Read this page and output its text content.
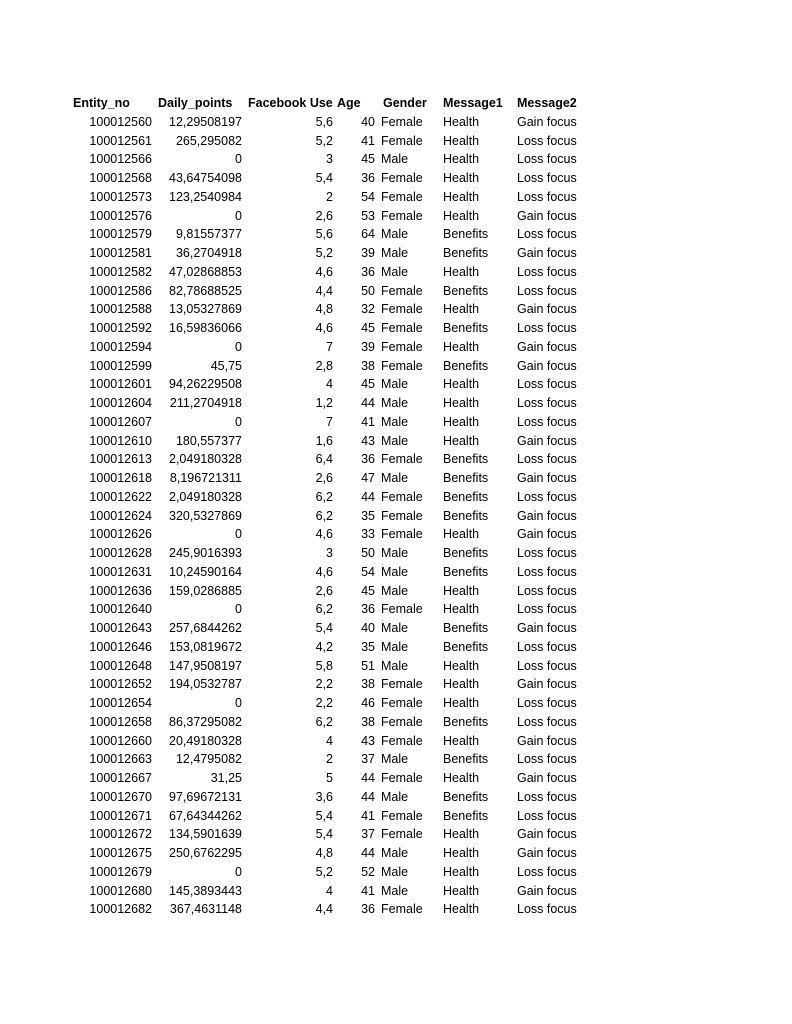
Entity_no	Daily_points	Facebook Use	Age	Gender	Message1	Message2
100012560	12,29508197	5,6	40	Female	Health	Gain focus
100012561	265,295082	5,2	41	Female	Health	Loss focus
100012566	0	3	45	Male	Health	Loss focus
100012568	43,64754098	5,4	36	Female	Health	Loss focus
100012573	123,2540984	2	54	Female	Health	Loss focus
100012576	0	2,6	53	Female	Health	Gain focus
100012579	9,81557377	5,6	64	Male	Benefits	Loss focus
100012581	36,2704918	5,2	39	Male	Benefits	Gain focus
100012582	47,02868853	4,6	36	Male	Health	Loss focus
100012586	82,78688525	4,4	50	Female	Benefits	Loss focus
100012588	13,05327869	4,8	32	Female	Health	Gain focus
100012592	16,59836066	4,6	45	Female	Benefits	Loss focus
100012594	0	7	39	Female	Health	Gain focus
100012599	45,75	2,8	38	Female	Benefits	Gain focus
100012601	94,26229508	4	45	Male	Health	Loss focus
100012604	211,2704918	1,2	44	Male	Health	Loss focus
100012607	0	7	41	Male	Health	Loss focus
100012610	180,557377	1,6	43	Male	Health	Gain focus
100012613	2,049180328	6,4	36	Female	Benefits	Loss focus
100012618	8,196721311	2,6	47	Male	Benefits	Gain focus
100012622	2,049180328	6,2	44	Female	Benefits	Loss focus
100012624	320,5327869	6,2	35	Female	Benefits	Gain focus
100012626	0	4,6	33	Female	Health	Gain focus
100012628	245,9016393	3	50	Male	Benefits	Loss focus
100012631	10,24590164	4,6	54	Male	Benefits	Loss focus
100012636	159,0286885	2,6	45	Male	Health	Loss focus
100012640	0	6,2	36	Female	Health	Loss focus
100012643	257,6844262	5,4	40	Male	Benefits	Gain focus
100012646	153,0819672	4,2	35	Male	Benefits	Loss focus
100012648	147,9508197	5,8	51	Male	Health	Loss focus
100012652	194,0532787	2,2	38	Female	Health	Gain focus
100012654	0	2,2	46	Female	Health	Loss focus
100012658	86,37295082	6,2	38	Female	Benefits	Loss focus
100012660	20,49180328	4	43	Female	Health	Gain focus
100012663	12,4795082	2	37	Male	Benefits	Loss focus
100012667	31,25	5	44	Female	Health	Gain focus
100012670	97,69672131	3,6	44	Male	Benefits	Loss focus
100012671	67,64344262	5,4	41	Female	Benefits	Loss focus
100012672	134,5901639	5,4	37	Female	Health	Gain focus
100012675	250,6762295	4,8	44	Male	Health	Gain focus
100012679	0	5,2	52	Male	Health	Loss focus
100012680	145,3893443	4	41	Male	Health	Gain focus
100012682	367,4631148	4,4	36	Female	Health	Loss focus
